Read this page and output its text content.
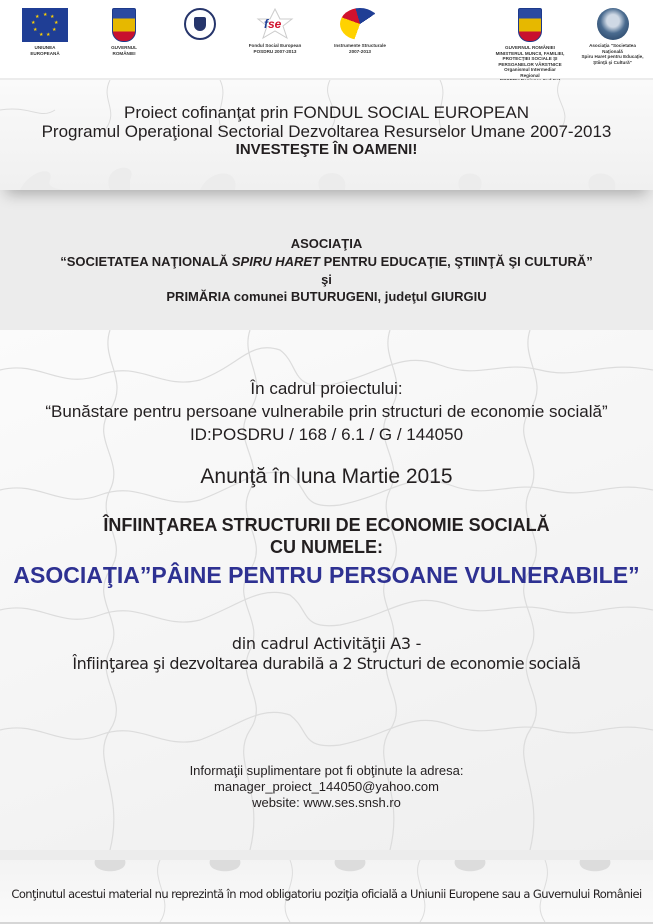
★ ★
★
★
★
★
★
★
★
UNIUNEA EUROPEANĂ
GUVERNUL ROMÂNIEI
fse
Fondul Social European
POSDRU 2007-2013
Instrumente Structurale
2007-2013
GUVERNUL ROMÂNIEI
MINISTERUL MUNCII, FAMILIEI,
PROTECŢIEI SOCIALE ŞI
PERSOANELOR VÂRSTNICE
Organismul Intermediar Regional

Asociaţia "Societatea Naţională
Spiru Haret pentru Educaţie,
Ştiinţă şi Cultură"
Proiect cofinanţat prin FONDUL SOCIAL EUROPEAN
Programul Operaţional Sectorial Dezvoltarea Resurselor Umane 2007-2013
INVESTEŞTE ÎN OAMENI!
ASOCIAŢIA
“SOCIETATEA NAŢIONALĂ SPIRU HARET PENTRU EDUCAŢIE, ŞTIINŢĂ ŞI CULTURĂ”
şi
PRIMĂRIA comunei BUTURUGENI, judeţul GIURGIU
În cadrul proiectului:
“Bunăstare pentru persoane vulnerabile prin structuri de economie socială”
ID:POSDRU / 168 / 6.1 / G / 144050
Anunţă în luna Martie 2015
ÎNFIINŢAREA STRUCTURII DE ECONOMIE SOCIALĂ
CU NUMELE:
ASOCIAŢIA”PÂINE PENTRU PERSOANE VULNERABILE”
din cadrul Activităţii A3 -
Înfiinţarea şi dezvoltarea durabilă a 2 Structuri de economie socială
Informaţii suplimentare pot fi obţinute la adresa:
manager_proiect_144050@yahoo.com
website: www.ses.snsh.ro
Conţinutul acestui material nu reprezintă în mod obligatoriu poziţia oficială a Uniunii Europene sau a Guvernului României
